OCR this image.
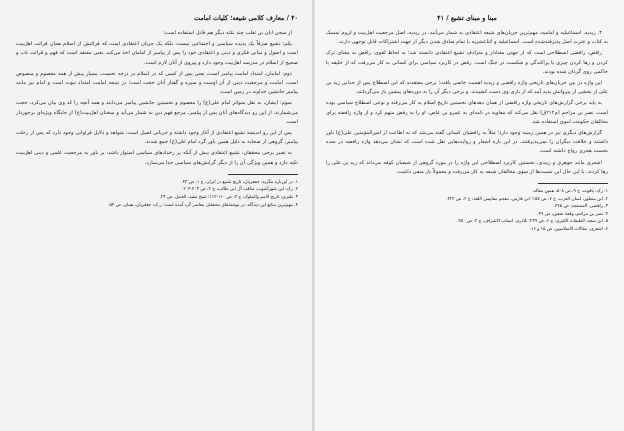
مبنا و مبنای تشیع / ۴۱

۴. زیدیه، اسماعیلیه و امامیه، مهم‌ترین جریان‌های شیعه اعتقادی به شمار می‌آیند. در زیدیه، اصل مرجعیت اهل‌بیت و لزوم تمسک به کتاب و عترت اصل پذیرفته‌شده است. اسماعیلیه و اثناعشریه با تمام صادق شدن دیگر از جهت اشتراکات قابل توجهی دارند.

رافض، رافضی اصطلاحی است که از جهتی معنادار و مترادف تشیع اعتقادی دانسته شد؛ به لحاظ لغوی، رافض به معنای ترک کردن و رها کردن چیزی یا پراکندگی و شکست در جنگ است. رفض در کاربرد سیاسی برای کسانی به کار می‌رفت که از خلیفه یا حاکمی روی گردان شده بودند.

این واژه در بین جریان‌های تاریخی واژه رافضی و زیدیه اهمیت خاصی یافت؛ برخی معتقدند که این اصطلاح پس از جدایی زید بن علی از بخشی از پیروانش پدید آمد که از یاری وی دست کشیدند، و برخی دیگر آن را به دوره‌های پیشین باز می‌گردانند.

به پایه برخی گزارش‌های تاریخی واژه رافضی از همان دهه‌های نخستین تاریخ اسلام به کار می‌رفته و نوعی اصطلاح سیاسی بوده است. نصر بن مزاحم (م۲۱۲ق) نقل می‌کند که معاویه در نامه‌ای به عمرو بن عاص، او را به رفض متهم کرد و از واژه رافضه برای مخالفان حکومت اموی استفاده شد.

گزارش‌های دیگری نیز در همین زمینه وجود دارد؛ مثلاً به رافضیان کسانی گفته می‌شد که به اطاعت از امیرالمؤمنین علی(ع) باور داشتند و خلافت دیگران را نمی‌پذیرفتند. در این باره اشعار و روایت‌هایی نقل شده است که نشان می‌دهد واژه رافضه در سده نخست هجری رواج داشته است.

اشعری مانند جوهری و زبیدی، نخستین کاربرد اصطلاحی این واژه را در مورد گروهی از شیعیان کوفه می‌داند که زید بن علی را رها کردند. با این حال این نسبت‌ها از سوی مخالفان شیعه به کار می‌رفت و معمولاً بار منفی داشت.

۱. رک: یاقوت، ج ۹، ص ۵۰۸، همین مقاله.

۲. ابن منظور، لسان العرب، ج ۷، ص ۱۵۷؛ ابن فارس، معجم مقاییس اللغة، ج ۲، ص ۴۲۲.

۳. رافضی، المستجد، ص ۳۶۵.

۴. نصر بن مزاحم، وقعة صفین، ص ۴۹.

۵. ابن سعد، الطبقات الکبری، ج ۶، ص ۲۳۹؛ بلاذری، انساب الاشراف، ج ۳، ص ۲۵۰.

۶. اشعری، مقالات الاسلامیین، ص ۱۵ و ۱۶.

۴۰ / معارف کلامی شیعه؛ کلیات امامت

از سخن ابان بن تغلب چند نکته دیگر هم قابل استفاده است:

یکم: تشیع صرفاً یک پدیده سیاسی و اجتماعی نیست، بلکه یک جریان اعتقادی است که قرائتش از اسلام همان قرائت اهل‌بیت است و اصول و مبانی فکری و دینی و اعتقادی خود را پس از پیامبر از امامان اخذ می‌کند، یعنی معتقد است که فهم و قرائت ناب و صحیح از اسلام در مدرسه اهل‌بیت وجود دارد و پیروی از آنان لازم است.

دوم: امامان، امتداد امامت پیامبر است، یعنی پس از کسی که در اسلام در درجه نخست، بسیار پیش از همه معصوم و منصوص است، امامت و مرجعیت دینی از آن اوست و سیره و گفتار آنان حجت است؛ در نتیجه امامت امتداد نبوت است و امام نیز مانند پیامبر جانشین خداوند در زمین است.

سوم: ایشان، به نقل متواتر امام علی(ع) را معصوم و نخستین جانشین پیامبر می‌دانند و همه آنچه را که وی بیان می‌کرد، حجت می‌شمارند. از این رو دیدگاه‌های آنان پس از پیامبر، مرجع فهم دین به شمار می‌آید و سخنان اهل‌بیت(ع) از جایگاه ویژه‌ای برخوردار است.

پس از این رو اندیشه تشیع اعتقادی از آغاز وجود داشته و جریانی اصیل است، شواهد و دلایل فراوانی وجود دارد که پس از رحلت پیامبر، گروهی از صحابه به دلیل همین باور گرد امام علی(ع) جمع شدند.

به تعبیر برخی محققان، تشیع اعتقادی بیش از آنکه بر رخدادهای سیاسی استوار باشد، بر باور به مرجعیت علمی و دینی اهل‌بیت تکیه دارد و همین ویژگی آن را از دیگر گرایش‌های سیاسی جدا می‌سازد.

۱. در این‌باره بنگرید: جعفریان، تاریخ تشیع در ایران، ج ۱، ص ۴۳.

۲. رک: ابن شهرآشوب، مناقب آل ابی طالب، ج ۲، ص ۲۰۳-۲۰۴.

۳. طبری، تاریخ الامم والملوک، ج ۳، ص ۱۱۰-۱۱۲؛ شیخ مفید، الجمل، ص ۲۴.

۴. مهم‌ترین منابع این دیدگاه، در نوشته‌های محققان معاصر گرد آمده است؛ ر.ک: جعفریان، همان، ص ۵۴.
